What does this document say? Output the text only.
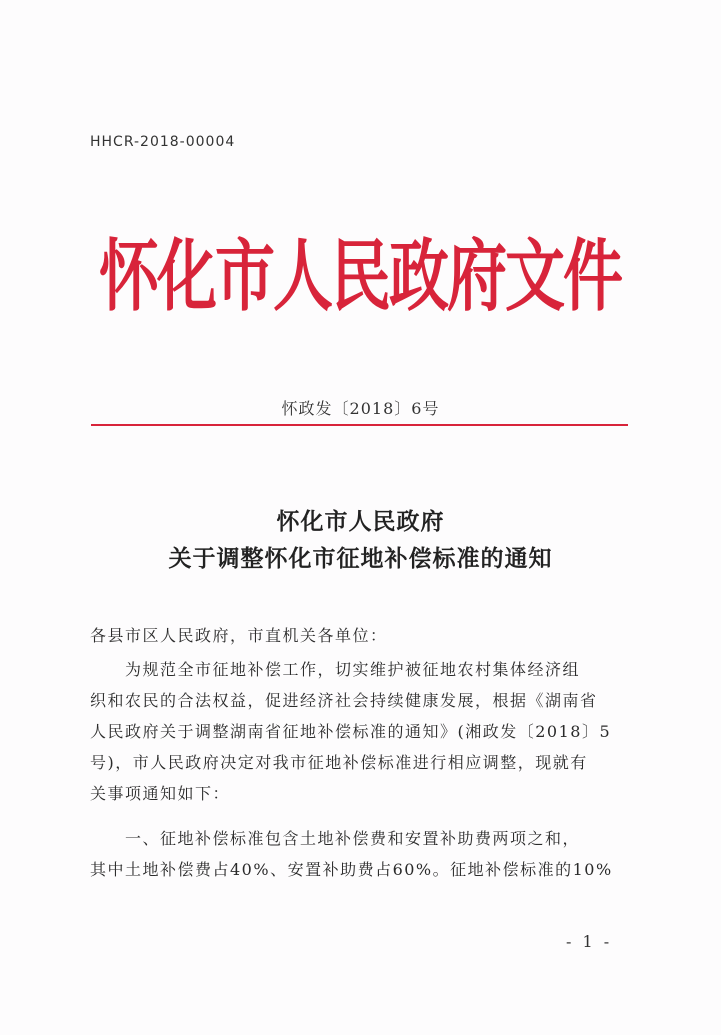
HHCR-2018-00004
怀化市人民政府文件
怀政发〔2018〕6号
怀化市人民政府
关于调整怀化市征地补偿标准的通知
各县市区人民政府，市直机关各单位：
　　为规范全市征地补偿工作，切实维护被征地农村集体经济组
织和农民的合法权益，促进经济社会持续健康发展，根据《湖南省
人民政府关于调整湖南省征地补偿标准的通知》(湘政发〔2018〕5
号)，市人民政府决定对我市征地补偿标准进行相应调整，现就有
关事项通知如下：
　　一、征地补偿标准包含土地补偿费和安置补助费两项之和，
其中土地补偿费占40%、安置补助费占60%。征地补偿标准的10%
- 1 -
